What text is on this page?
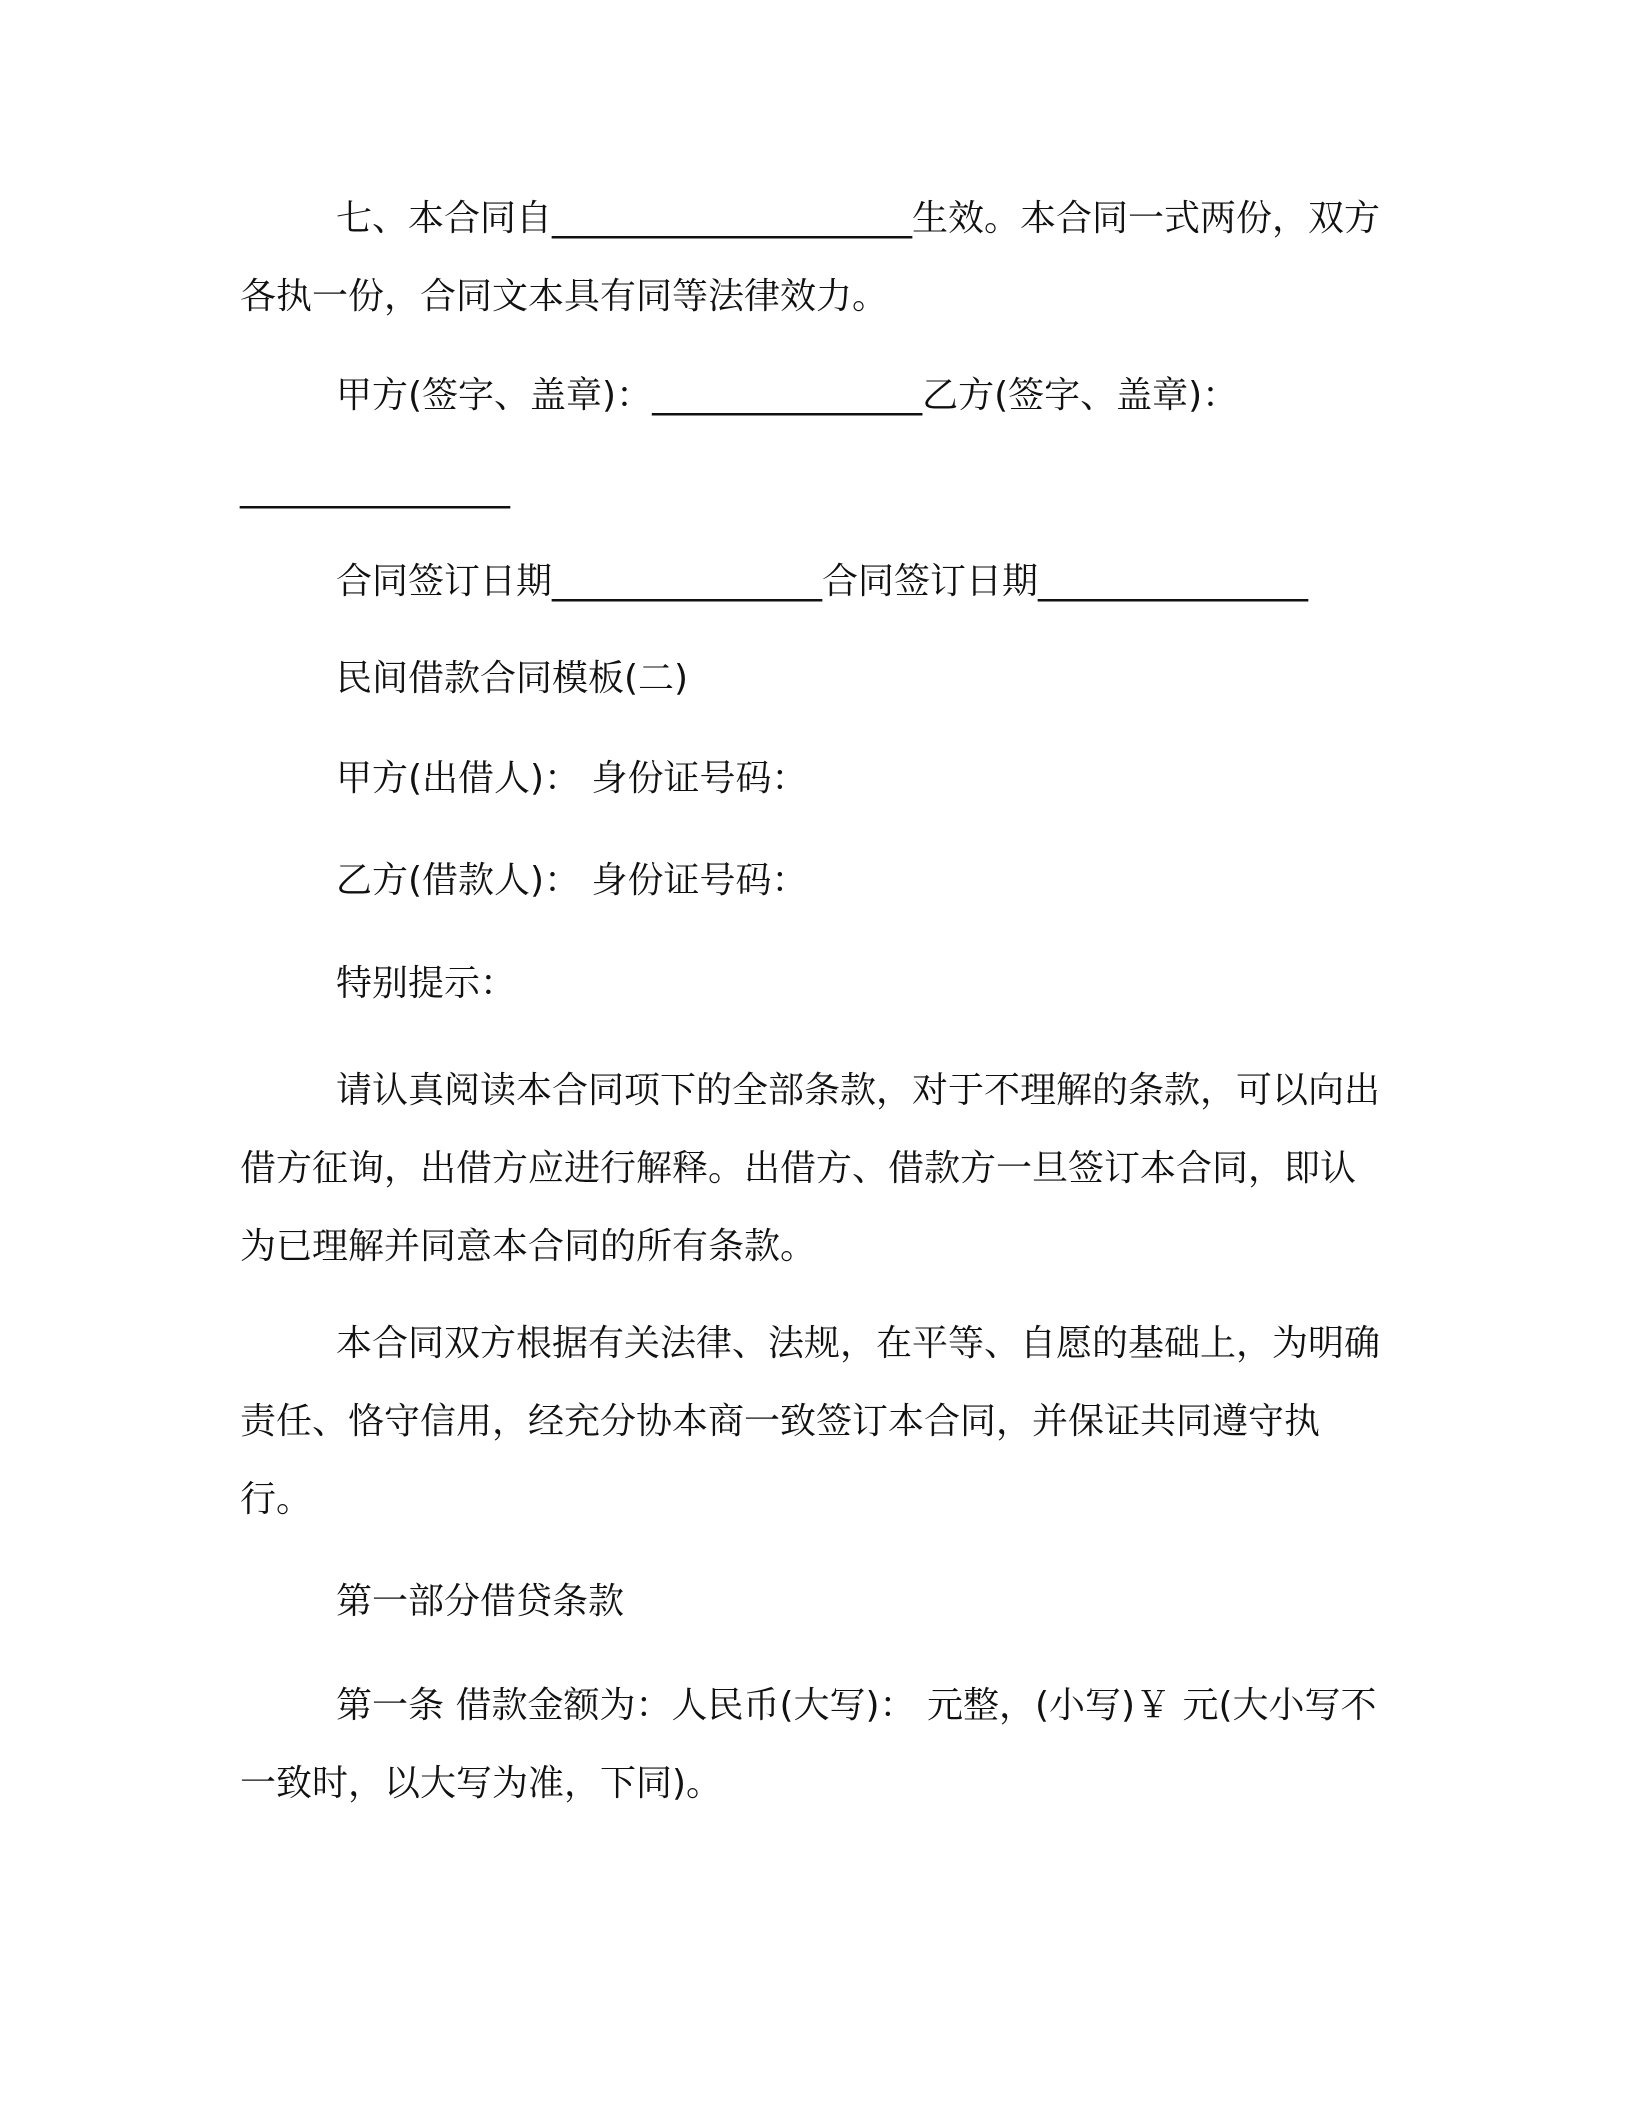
七、本合同自____________________生效。本合同一式两份，双方各执一份，合同文本具有同等法律效力。

甲方(签字、盖章)：_______________乙方(签字、盖章)：

_______________

合同签订日期_______________合同签订日期_______________

民间借款合同模板(二)

甲方(出借人)： 身份证号码：

乙方(借款人)： 身份证号码：

特别提示：

请认真阅读本合同项下的全部条款，对于不理解的条款，可以向出借方征询，出借方应进行解释。出借方、借款方一旦签订本合同，即认为已理解并同意本合同的所有条款。

本合同双方根据有关法律、法规，在平等、自愿的基础上，为明确责任、恪守信用，经充分协本商一致签订本合同，并保证共同遵守执行。

第一部分借贷条款

第一条 借款金额为：人民币(大写)： 元整，(小写)￥ 元(大小写不一致时，以大写为准，下同)。
